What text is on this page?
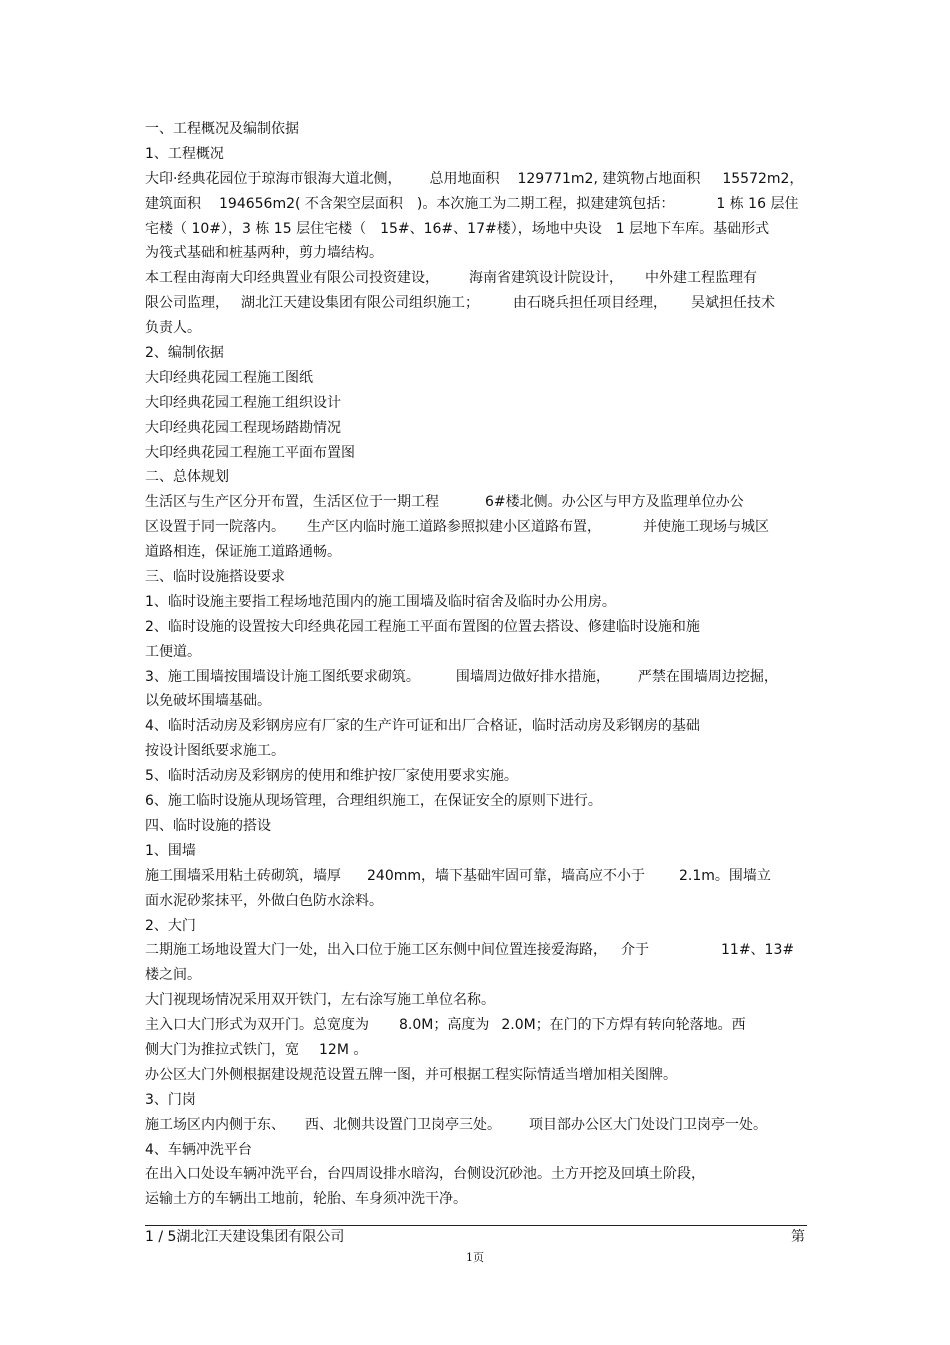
一、工程概况及编制依据
1、工程概况
大印·经典花园位于琼海市银海大道北侧， 总用地面积 129771m2, 建筑物占地面积 15572m2，
建筑面积 194656m2( 不含架空层面积 )。本次施工为二期工程，拟建建筑包括：	1 栋 16 层住
宅楼（ 10#），3 栋 15 层住宅楼（ 15#、16#、17#楼），场地中央设 1 层地下车库。基础形式
为筏式基础和桩基两种，剪力墙结构。
本工程由海南大印经典置业有限公司投资建设， 海南省建筑设计院设计， 中外建工程监理有
限公司监理， 湖北江天建设集团有限公司组织施工； 由石晓兵担任项目经理， 吴斌担任技术
负责人。
2、编制依据
大印经典花园工程施工图纸
大印经典花园工程施工组织设计
大印经典花园工程现场踏勘情况
大印经典花园工程施工平面布置图
二、总体规划
生活区与生产区分开布置，生活区位于一期工程	6#楼北侧。办公区与甲方及监理单位办公
区设置于同一院落内。 生产区内临时施工道路参照拟建小区道路布置，	并使施工现场与城区
道路相连，保证施工道路通畅。
三、临时设施搭设要求
1、临时设施主要指工程场地范围内的施工围墙及临时宿舍及临时办公用房。
2、临时设施的设置按大印经典花园工程施工平面布置图的位置去搭设、修建临时设施和施
工便道。
3、施工围墙按围墙设计施工图纸要求砌筑。	围墙周边做好排水措施， 严禁在围墙周边挖掘，
以免破坏围墙基础。
4、临时活动房及彩钢房应有厂家的生产许可证和出厂合格证，临时活动房及彩钢房的基础
按设计图纸要求施工。
5、临时活动房及彩钢房的使用和维护按厂家使用要求实施。
6、施工临时设施从现场管理，合理组织施工，在保证安全的原则下进行。
四、临时设施的搭设
1、围墙
施工围墙采用粘土砖砌筑，墙厚 240mm，墙下基础牢固可靠，墙高应不小于 2.1m。围墙立
面水泥砂浆抹平，外做白色防水涂料。
2、大门
二期施工场地设置大门一处，出入口位于施工区东侧中间位置连接爱海路， 介于	11#、13#
楼之间。
大门视现场情况采用双开铁门，左右涂写施工单位名称。
主入口大门形式为双开门。总宽度为 8.0M；高度为 2.0M；在门的下方焊有转向轮落地。西
侧大门为推拉式铁门，宽 12M 。
办公区大门外侧根据建设规范设置五牌一图，并可根据工程实际情适当增加相关图牌。
3、门岗
施工场区内内侧于东、 西、北侧共设置门卫岗亭三处。 项目部办公区大门处设门卫岗亭一处。
4、车辆冲洗平台
在出入口处设车辆冲洗平台，台四周设排水暗沟，台侧设沉砂池。土方开挖及回填土阶段，
运输土方的车辆出工地前，轮胎、车身须冲洗干净。
1 / 5湖北江天建设集团有限公司	第
1页
